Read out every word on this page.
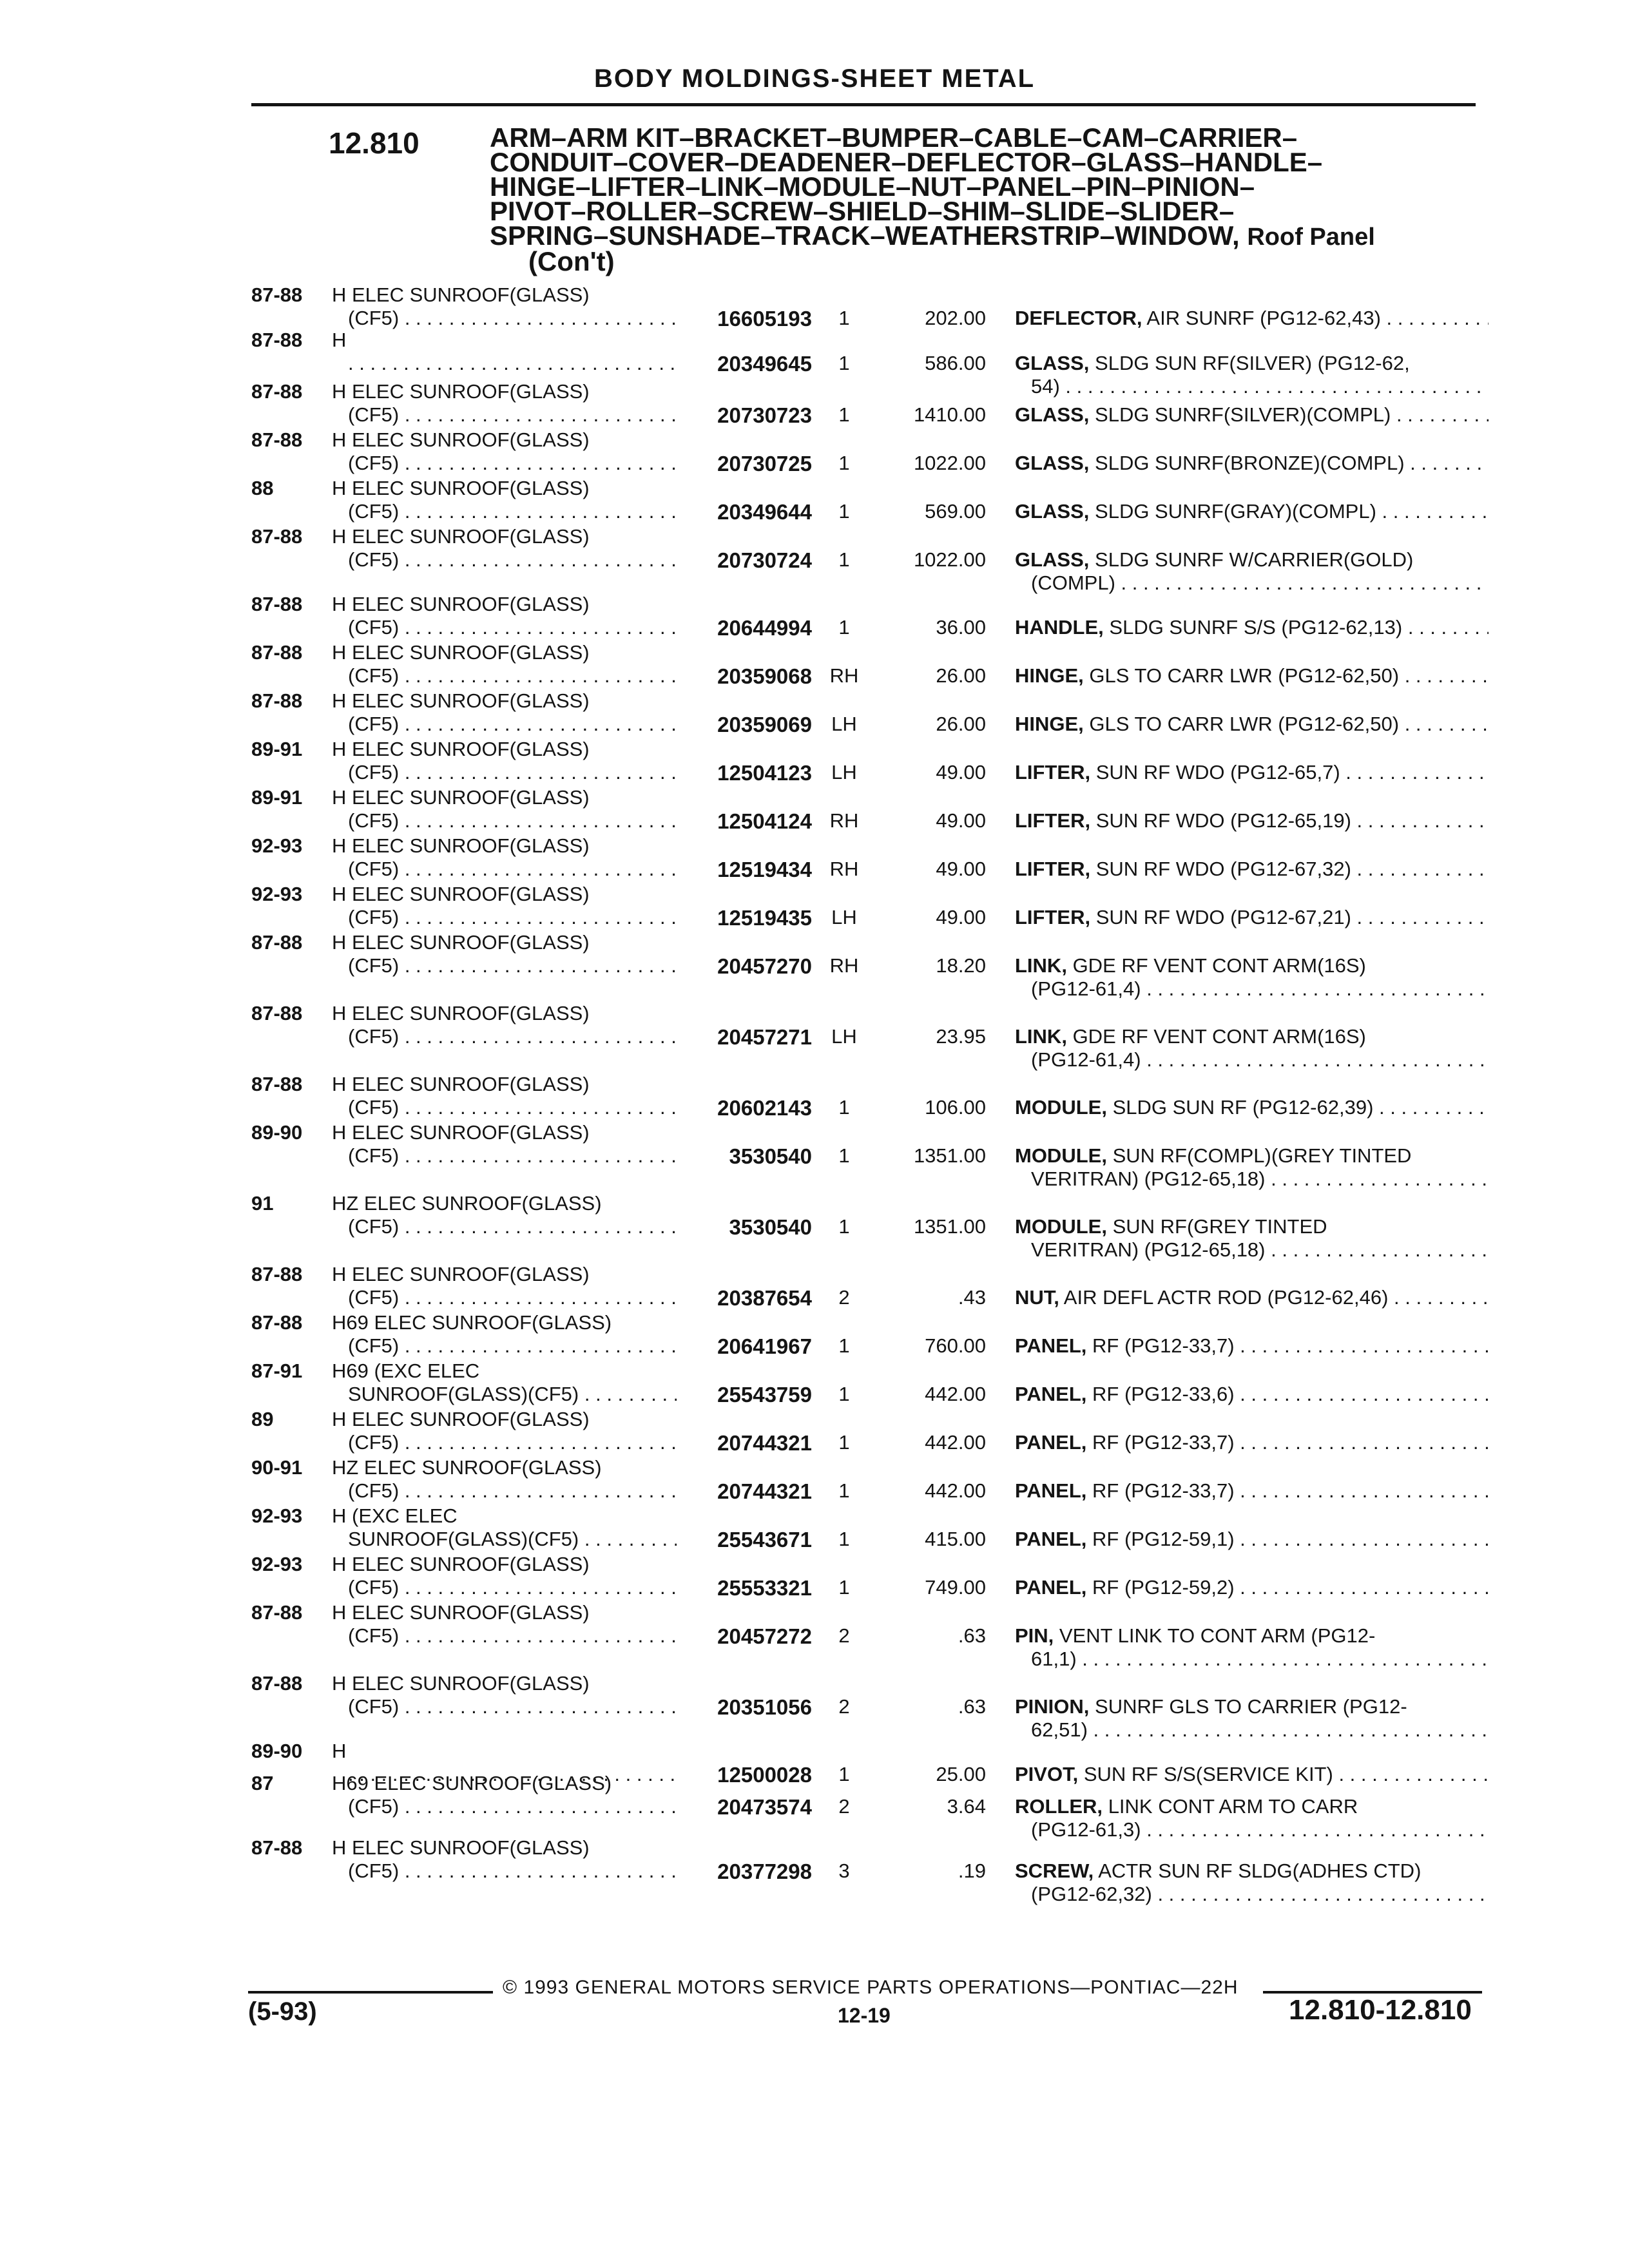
BODY MOLDINGS-SHEET METAL
12.810	ARM–ARM KIT–BRACKET–BUMPER–CABLE–CAM–CARRIER–
CONDUIT–COVER–DEADENER–DEFLECTOR–GLASS–HANDLE–
HINGE–LIFTER–LINK–MODULE–NUT–PANEL–PIN–PINION–
PIVOT–ROLLER–SCREW–SHIELD–SHIM–SLIDE–SLIDER–
SPRING–SUNSHADE–TRACK–WEATHERSTRIP–WINDOW, Roof Panel
(Con't)
87-88 H ELEC SUNROOF(GLASS)
(CF5) . . .	16605193	1	202.00 DEFLECTOR, AIR SUNRF (PG12-62,43) . . .
87-88 H
. . .
20349645	1	586.00 GLASS, SLDG SUN RF(SILVER) (PG12-62,
54) . . .
87-88 H ELEC SUNROOF(GLASS)
(CF5) . . .	20730723	1	1410.00 GLASS, SLDG SUNRF(SILVER)(COMPL) . . .
87-88 H ELEC SUNROOF(GLASS)
(CF5) . . .	20730725	1	1022.00 GLASS, SLDG SUNRF(BRONZE)(COMPL) . . .
88	H ELEC SUNROOF(GLASS)
(CF5) . . .	20349644	1	569.00 GLASS, SLDG SUNRF(GRAY)(COMPL) . . .
87-88 H ELEC SUNROOF(GLASS)
(CF5) . . .	20730724	1	1022.00 GLASS, SLDG SUNRF W/CARRIER(GOLD)
(COMPL) . . .
87-88 H ELEC SUNROOF(GLASS)
(CF5) . . .	20644994	1	36.00 HANDLE, SLDG SUNRF S/S (PG12-62,13) . . .
87-88 H ELEC SUNROOF(GLASS)
(CF5) . . .	20359068 RH	26.00 HINGE, GLS TO CARR LWR (PG12-62,50) . . .
87-88 H ELEC SUNROOF(GLASS)
(CF5) . . .	20359069 LH	26.00 HINGE, GLS TO CARR LWR (PG12-62,50) . . .
89-91 H ELEC SUNROOF(GLASS)
(CF5) . . .	12504123 LH	49.00 LIFTER, SUN RF WDO (PG12-65,7) . . .
89-91 H ELEC SUNROOF(GLASS)
(CF5) . . .	12504124 RH	49.00 LIFTER, SUN RF WDO (PG12-65,19) . . .
92-93 H ELEC SUNROOF(GLASS)
(CF5) . . .	12519434 RH	49.00 LIFTER, SUN RF WDO (PG12-67,32) . . .
92-93 H ELEC SUNROOF(GLASS)
(CF5) . . .	12519435 LH	49.00 LIFTER, SUN RF WDO (PG12-67,21) . . .
87-88 H ELEC SUNROOF(GLASS)
(CF5) . . .	20457270 RH	18.20 LINK, GDE RF VENT CONT ARM(16S)
(PG12-61,4) . . .
87-88 H ELEC SUNROOF(GLASS)
(CF5) . . .	20457271 LH	23.95 LINK, GDE RF VENT CONT ARM(16S)
(PG12-61,4) . . .
87-88 H ELEC SUNROOF(GLASS)
(CF5) . . .	20602143	1	106.00 MODULE, SLDG SUN RF (PG12-62,39) . . .
89-90 H ELEC SUNROOF(GLASS)
(CF5) . . .	3530540	1	1351.00 MODULE, SUN RF(COMPL)(GREY TINTED
VERITRAN) (PG12-65,18) . . .
91	HZ ELEC SUNROOF(GLASS)
(CF5) . . .	3530540	1	1351.00 MODULE, SUN RF(GREY TINTED
VERITRAN) (PG12-65,18) . . .
87-88 H ELEC SUNROOF(GLASS)
(CF5) . . .	20387654	2	.43 NUT, AIR DEFL ACTR ROD (PG12-62,46) . . .
87-88 H69 ELEC SUNROOF(GLASS)
(CF5) . . .	20641967	1	760.00 PANEL, RF (PG12-33,7) . . .
87-91 H69 (EXC ELEC
SUNROOF(GLASS)(CF5) . . .	25543759	1	442.00 PANEL, RF (PG12-33,6) . . .
89	H ELEC SUNROOF(GLASS)
(CF5) . . .	20744321	1	442.00 PANEL, RF (PG12-33,7) . . .
90-91 HZ ELEC SUNROOF(GLASS)
(CF5) . . .	20744321	1	442.00 PANEL, RF (PG12-33,7) . . .
92-93 H (EXC ELEC
SUNROOF(GLASS)(CF5) . . .	25543671	1	415.00 PANEL, RF (PG12-59,1) . . .
92-93 H ELEC SUNROOF(GLASS)
(CF5) . . .	25553321	1	749.00 PANEL, RF (PG12-59,2) . . .
87-88 H ELEC SUNROOF(GLASS)
(CF5) . . .	20457272	2	.63 PIN, VENT LINK TO CONT ARM (PG12-
61,1) . . .
87-88 H ELEC SUNROOF(GLASS)
(CF5) . . .	20351056	2	.63 PINION, SUNRF GLS TO CARRIER (PG12-
62,51) . . .
89-90 H
. . .
12500028	1	25.00 PIVOT, SUN RF S/S(SERVICE KIT) . . .
87	H69 ELEC SUNROOF(GLASS)
(CF5) . . .	20473574	2	3.64 ROLLER, LINK CONT ARM TO CARR
(PG12-61,3) . . .
87-88 H ELEC SUNROOF(GLASS)
(CF5) . . .	20377298	3	.19 SCREW, ACTR SUN RF SLDG(ADHES CTD)
(PG12-62,32) . . .
© 1993 GENERAL MOTORS SERVICE PARTS OPERATIONS—PONTIAC—22H
(5-93)	12-19	12.810-12.810
